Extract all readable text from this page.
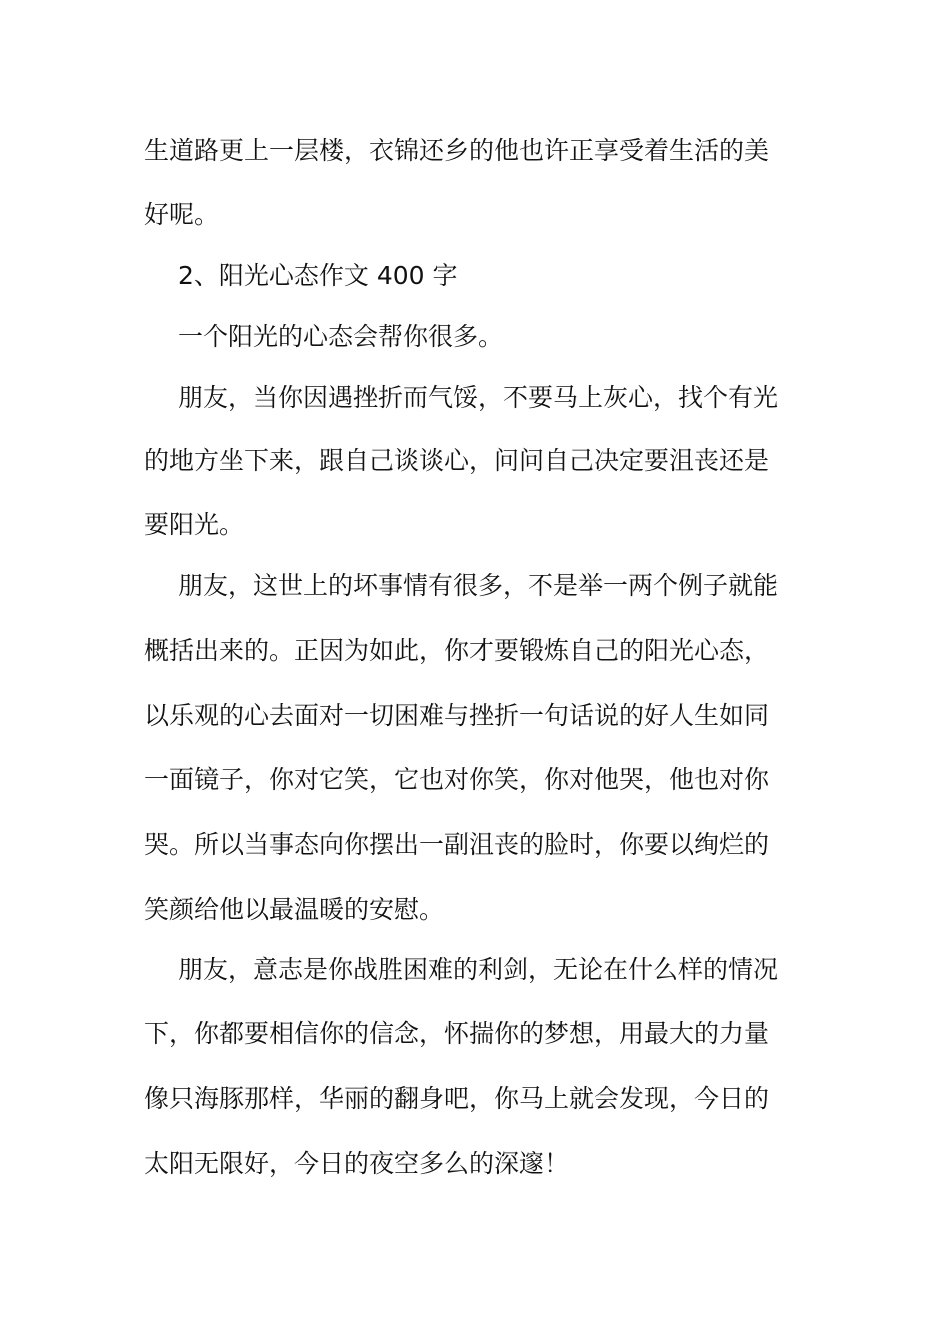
生道路更上一层楼，衣锦还乡的他也许正享受着生活的美
好呢。
2、阳光心态作文 400 字
一个阳光的心态会帮你很多。
朋友，当你因遇挫折而气馁，不要马上灰心，找个有光
的地方坐下来，跟自己谈谈心，问问自己决定要沮丧还是
要阳光。
朋友，这世上的坏事情有很多，不是举一两个例子就能
概括出来的。正因为如此，你才要锻炼自己的阳光心态，
以乐观的心去面对一切困难与挫折一句话说的好人生如同
一面镜子，你对它笑，它也对你笑，你对他哭，他也对你
哭。所以当事态向你摆出一副沮丧的脸时，你要以绚烂的
笑颜给他以最温暖的安慰。
朋友，意志是你战胜困难的利剑，无论在什么样的情况
下，你都要相信你的信念，怀揣你的梦想，用最大的力量
像只海豚那样，华丽的翻身吧，你马上就会发现，今日的
太阳无限好，今日的夜空多么的深邃！
